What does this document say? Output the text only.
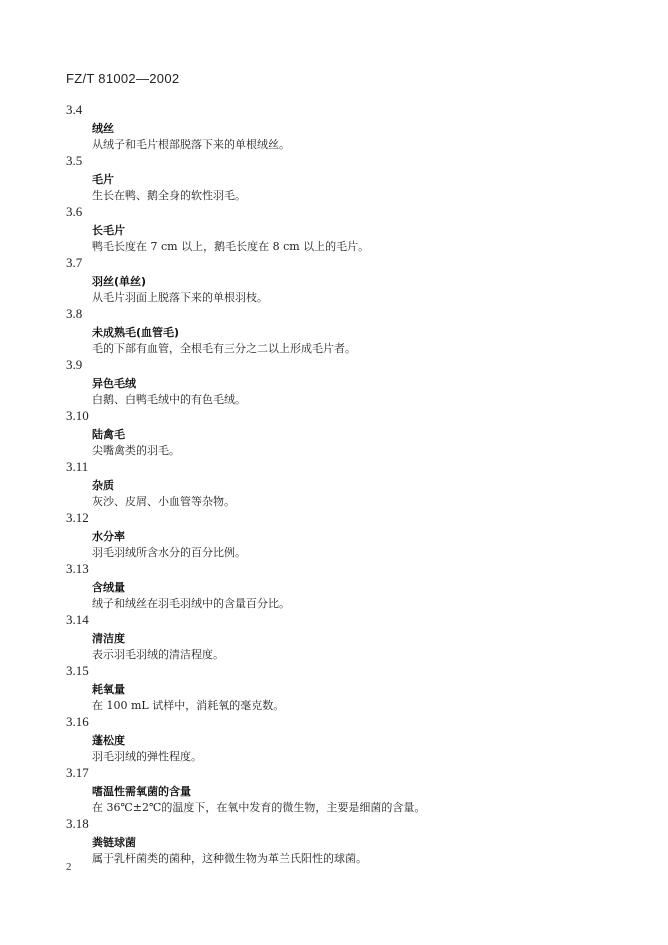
FZ/T 81002—2002
3.4
绒丝
从绒子和毛片根部脱落下来的单根绒丝。
3.5
毛片
生长在鸭、鹅全身的软性羽毛。
3.6
长毛片
鸭毛长度在 7 cm 以上，鹅毛长度在 8 cm 以上的毛片。
3.7
羽丝(单丝)
从毛片羽面上脱落下来的单根羽枝。
3.8
未成熟毛(血管毛)
毛的下部有血管，全根毛有三分之二以上形成毛片者。
3.9
异色毛绒
白鹅、白鸭毛绒中的有色毛绒。
3.10
陆禽毛
尖嘴禽类的羽毛。
3.11
杂质
灰沙、皮屑、小血管等杂物。
3.12
水分率
羽毛羽绒所含水分的百分比例。
3.13
含绒量
绒子和绒丝在羽毛羽绒中的含量百分比。
3.14
清洁度
表示羽毛羽绒的清洁程度。
3.15
耗氧量
在 100 mL 试样中，消耗氧的毫克数。
3.16
蓬松度
羽毛羽绒的弹性程度。
3.17
嗜温性需氧菌的含量
在 36℃±2℃的温度下，在氧中发育的微生物，主要是细菌的含量。
3.18
粪链球菌
属于乳杆菌类的菌种，这种微生物为革兰氏阳性的球菌。
2
